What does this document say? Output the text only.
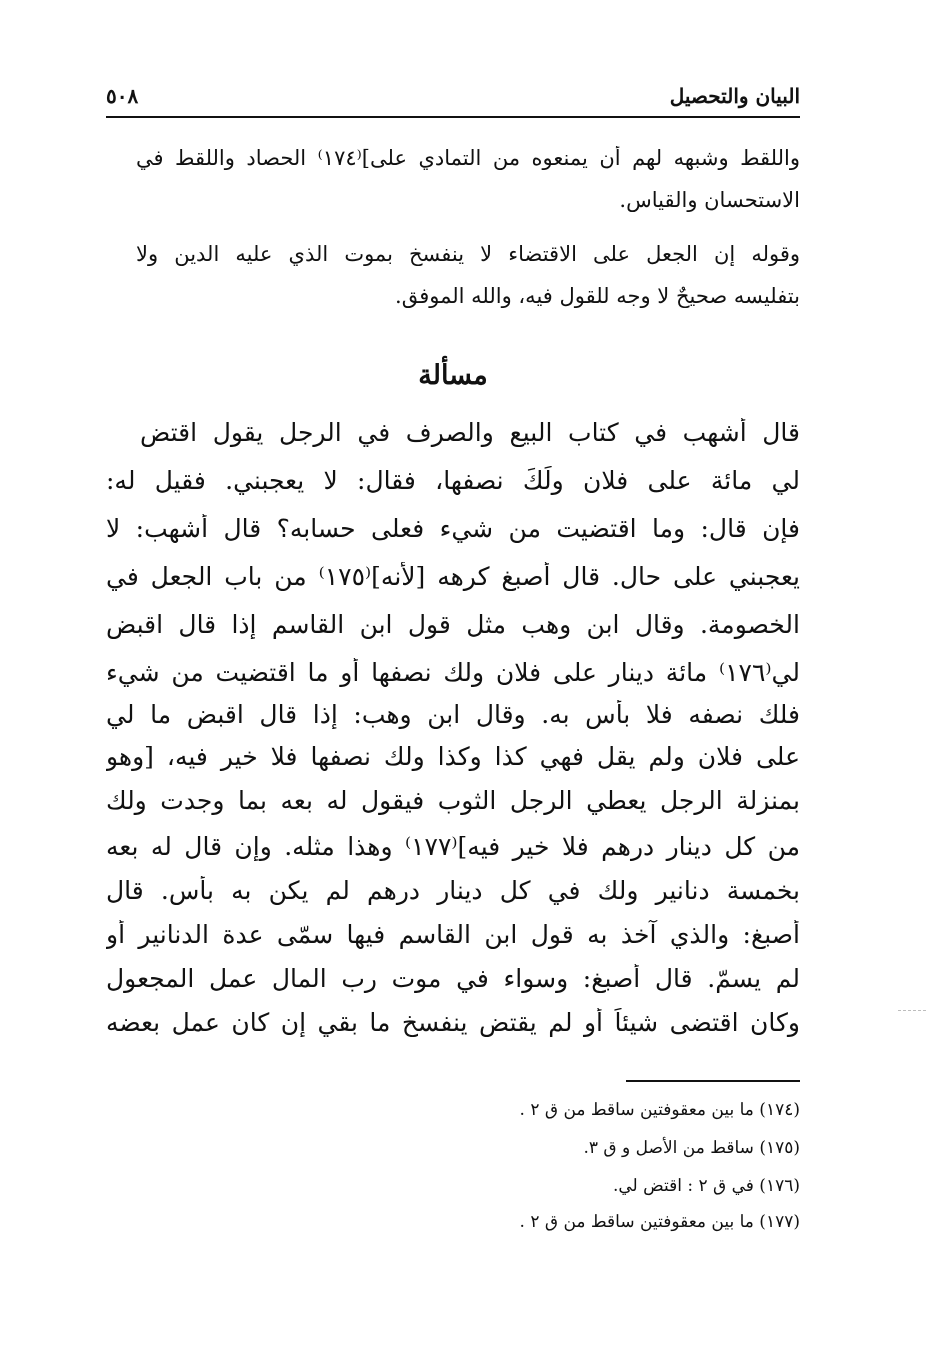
البيان والتحصيل
٥٠٨
واللقط وشبهه لهم أن يمنعوه من التمادي على]⁽١٧٤⁾ الحصاد واللقط في
الاستحسان والقياس.
وقوله إن الجعل على الاقتضاء لا ينفسخ بموت الذي عليه الدين ولا
بتفليسه صحيحٌ لا وجه للقول فيه، والله الموفق.
مسألة
قال أشهب في كتاب البيع والصرف في الرجل يقول اقتض
لي مائة على فلان ولَكَ نصفها، فقال: لا يعجبني. فقيل له:
فإن قال: وما اقتضيت من شيء فعلى حسابه؟ قال أشهب: لا
يعجبني على حال. قال أصبغ كرهه [لأنه]⁽١٧٥⁾ من باب الجعل في
الخصومة. وقال ابن وهب مثل قول ابن القاسم إذا قال اقبض
لي⁽١٧٦⁾ مائة دينار على فلان ولك نصفها أو ما اقتضيت من شيء
فلك نصفه فلا بأس به. وقال ابن وهب: إذا قال اقبض ما لي
على فلان ولم يقل فهي كذا وكذا ولك نصفها فلا خير فيه، [وهو
بمنزلة الرجل يعطي الرجل الثوب فيقول له بعه بما وجدت ولك
من كل دينار درهم فلا خير فيه]⁽١٧٧⁾ وهذا مثله. وإن قال له بعه
بخمسة دنانير ولك في كل دينار درهم لم يكن به بأس. قال
أصبغ: والذي آخذ به قول ابن القاسم فيها سمّى عدة الدنانير أو
لم يسمّ. قال أصبغ: وسواء في موت رب المال عمل المجعول
وكان اقتضى شيئاً أو لم يقتض ينفسخ ما بقي إن كان عمل بعضه
(١٧٤) ما بين معقوفتين ساقط من ق ٢ .
(١٧٥) ساقط من الأصل و ق ٣.
(١٧٦) في ق ٢ : اقتض لي.
(١٧٧) ما بين معقوفتين ساقط من ق ٢ .
